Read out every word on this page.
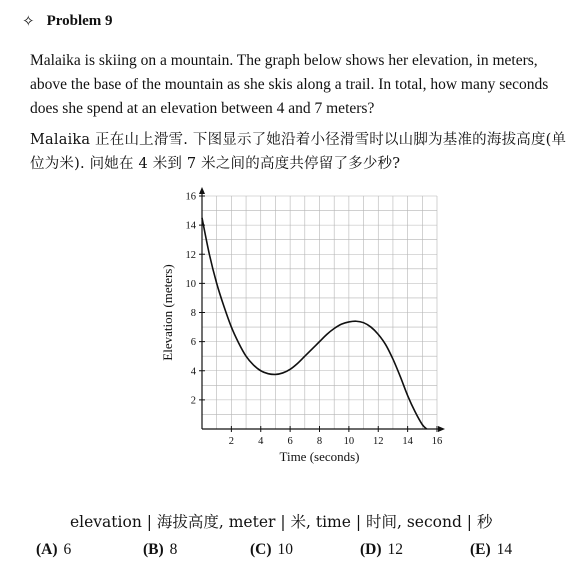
✧ Problem 9
Malaika is skiing on a mountain. The graph below shows her elevation, in meters, above the base of the mountain as she skis along a trail. In total, how many seconds does she spend at an elevation between 4 and 7 meters?
Malaika 正在山上滑雪. 下图显示了她沿着小径滑雪时以山脚为基准的海拔高度(单位为米). 问她在 4 米到 7 米之间的高度共停留了多少秒?
2 4 6 8 10 12 14 16
2
4
6
8
10
12
14
16
Time (seconds)
Elevation (meters)
elevation | 海拔高度, meter | 米, time | 时间, second | 秒
(A) 6	(B) 8	(C) 10	(D) 12	(E) 14
